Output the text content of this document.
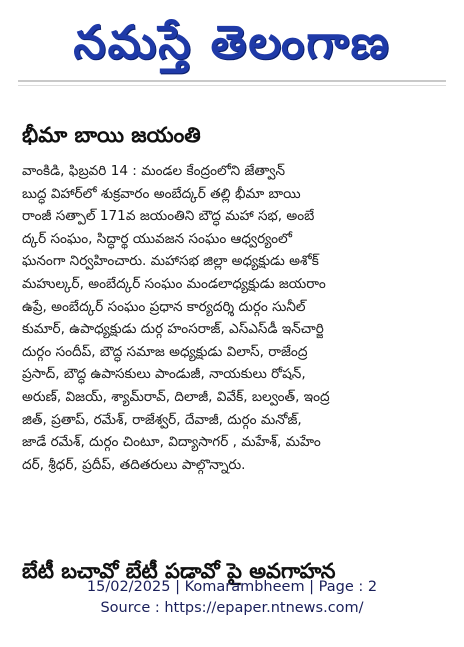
నమస్తే తెలంగాణ
భీమా బాయి జయంతి
వాంకిడి, ఫిబ్రవరి 14 : మండల కేంద్రంలోని జేత్వాన్
బుద్ధ విహార్‌లో శుక్రవారం అంబేద్కర్ తల్లి భీమా బాయి
రాంజీ సత్పాల్ 171వ జయంతిని బౌద్ధ మహా సభ, అంబే
ద్కర్ సంఘం, సిద్ధార్థ యువజన సంఘం ఆధ్వర్యంలో
ఘనంగా నిర్వహించారు. మహాసభ జిల్లా అధ్యక్షుడు అశోక్
మహుల్కర్, అంబేద్కర్ సంఘం మండలాధ్యక్షుడు జయరాం
ఉప్రే, అంబేద్కర్ సంఘం ప్రధాన కార్యదర్శి దుర్గం సునీల్
కుమార్, ఉపాధ్యక్షుడు దుర్గ హంసరాజ్, ఎస్ఎస్‌డీ ఇన్‌చార్జి
దుర్గం సందీప్, బౌద్ధ సమాజ అధ్యక్షుడు విలాస్, రాజేంద్ర
ప్రసాద్, బౌద్ధ ఉపాసకులు పాండుజీ, నాయకులు రోషన్,
అరుణ్, విజయ్, శ్యామ్‌రావ్, దిలాజీ, వివేక్, బల్వంత్, ఇంద్ర
జిత్, ప్రతాప్, రమేశ్, రాజేశ్వర్, దేవాజీ, దుర్గం మనోజ్,
జాడే రమేశ్, దుర్గం చింటూ, విద్యాసాగర్ , మహేశ్, మహేం
దర్, శ్రీధర్, ప్రదీప్, తదితరులు పాల్గొన్నారు.
బేటీ బచావో బేటీ పడావో పై అవగాహన
15/02/2025 | Komarambheem | Page : 2
Source : https://epaper.ntnews.com/
